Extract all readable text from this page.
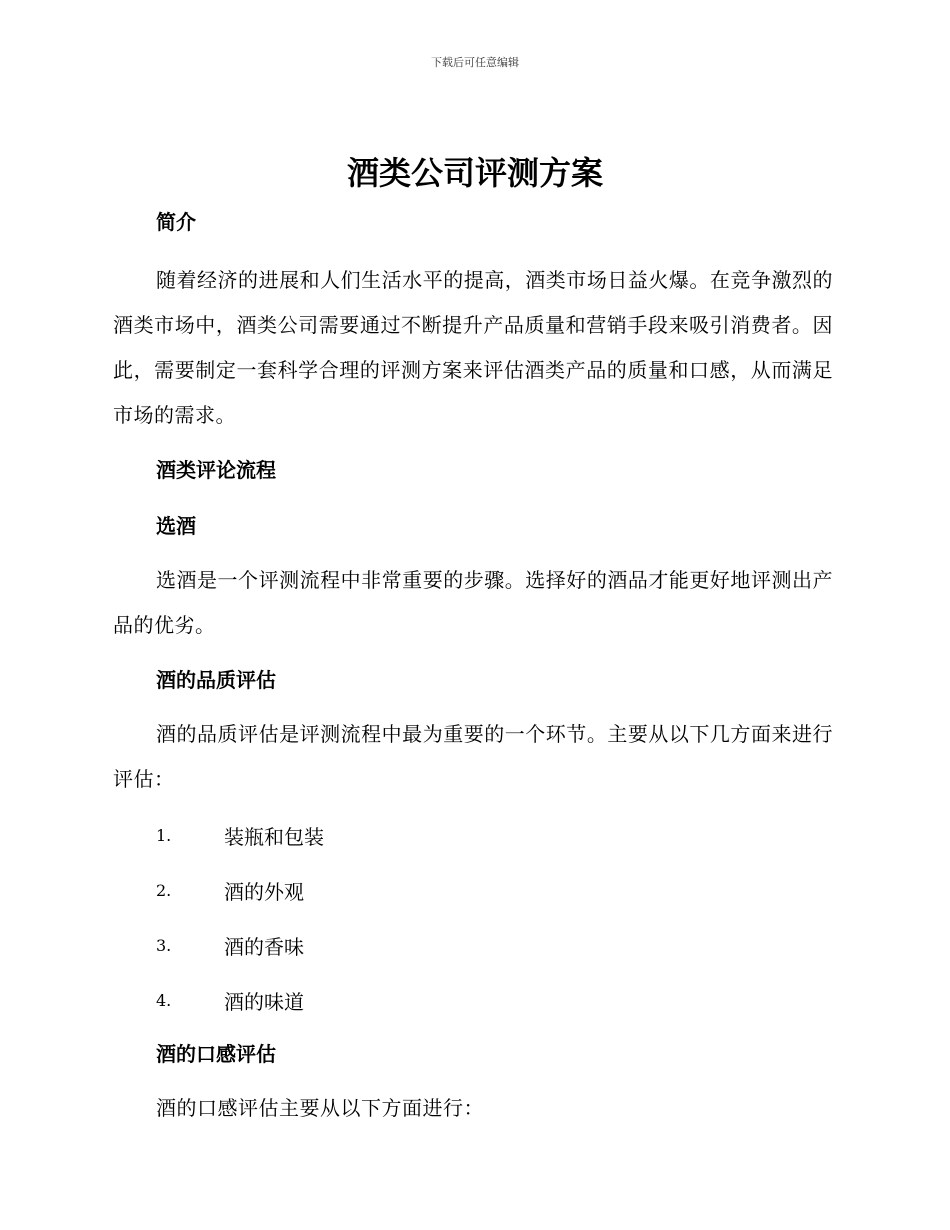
下载后可任意编辑
酒类公司评测方案
简介

随着经济的进展和人们生活水平的提高，酒类市场日益火爆。在竞争激烈的酒类市场中，酒类公司需要通过不断提升产品质量和营销手段来吸引消费者。因此，需要制定一套科学合理的评测方案来评估酒类产品的质量和口感，从而满足市场的需求。

酒类评论流程
选酒

选酒是一个评测流程中非常重要的步骤。选择好的酒品才能更好地评测出产品的优劣。

酒的品质评估

酒的品质评估是评测流程中最为重要的一个环节。主要从以下几方面来进行评估：

1.	装瓶和包装
2.	酒的外观
3.	酒的香味
4.	酒的味道
酒的口感评估

酒的口感评估主要从以下方面进行：
